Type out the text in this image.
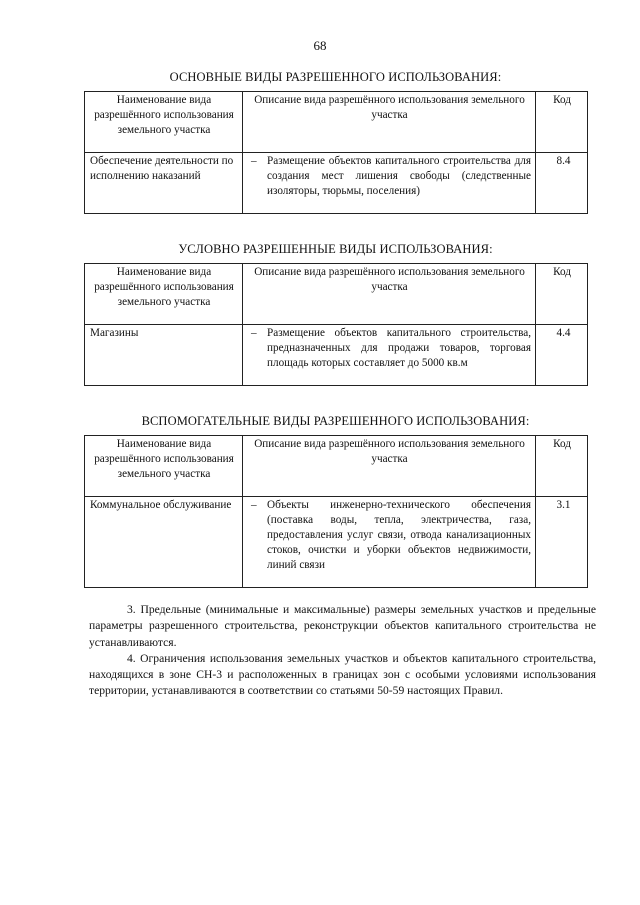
68
ОСНОВНЫЕ ВИДЫ РАЗРЕШЕННОГО ИСПОЛЬЗОВАНИЯ:
Наименование вида разрешённого использования земельного участка	Описание вида разрешённого использования земельного участка	Код
Обеспечение деятельности по исполнению наказаний	– Размещение объектов капитального строительства для создания мест лишения свободы (следственные изоляторы, тюрьмы, поселения)	8.4
УСЛОВНО РАЗРЕШЕННЫЕ ВИДЫ ИСПОЛЬЗОВАНИЯ:
Наименование вида разрешённого использования земельного участка	Описание вида разрешённого использования земельного участка	Код
Магазины	– Размещение объектов капитального строительства, предназначенных для продажи товаров, торговая площадь которых составляет до 5000 кв.м	4.4
ВСПОМОГАТЕЛЬНЫЕ ВИДЫ РАЗРЕШЕННОГО ИСПОЛЬЗОВАНИЯ:
Наименование вида разрешённого использования земельного участка	Описание вида разрешённого использования земельного участка	Код
Коммунальное обслуживание	– Объекты инженерно-технического обеспечения (поставка воды, тепла, электричества, газа, предоставления услуг связи, отвода канализационных стоков, очистки и уборки объектов недвижимости, линий связи	3.1

3. Предельные (минимальные и максимальные) размеры земельных участков и предельные параметры разрешенного строительства, реконструкции объектов капитального строительства не устанавливаются.

4. Ограничения использования земельных участков и объектов капитального строительства, находящихся в зоне СН-3 и расположенных в границах зон с особыми условиями использования территории, устанавливаются в соответствии со статьями 50-59 настоящих Правил.
